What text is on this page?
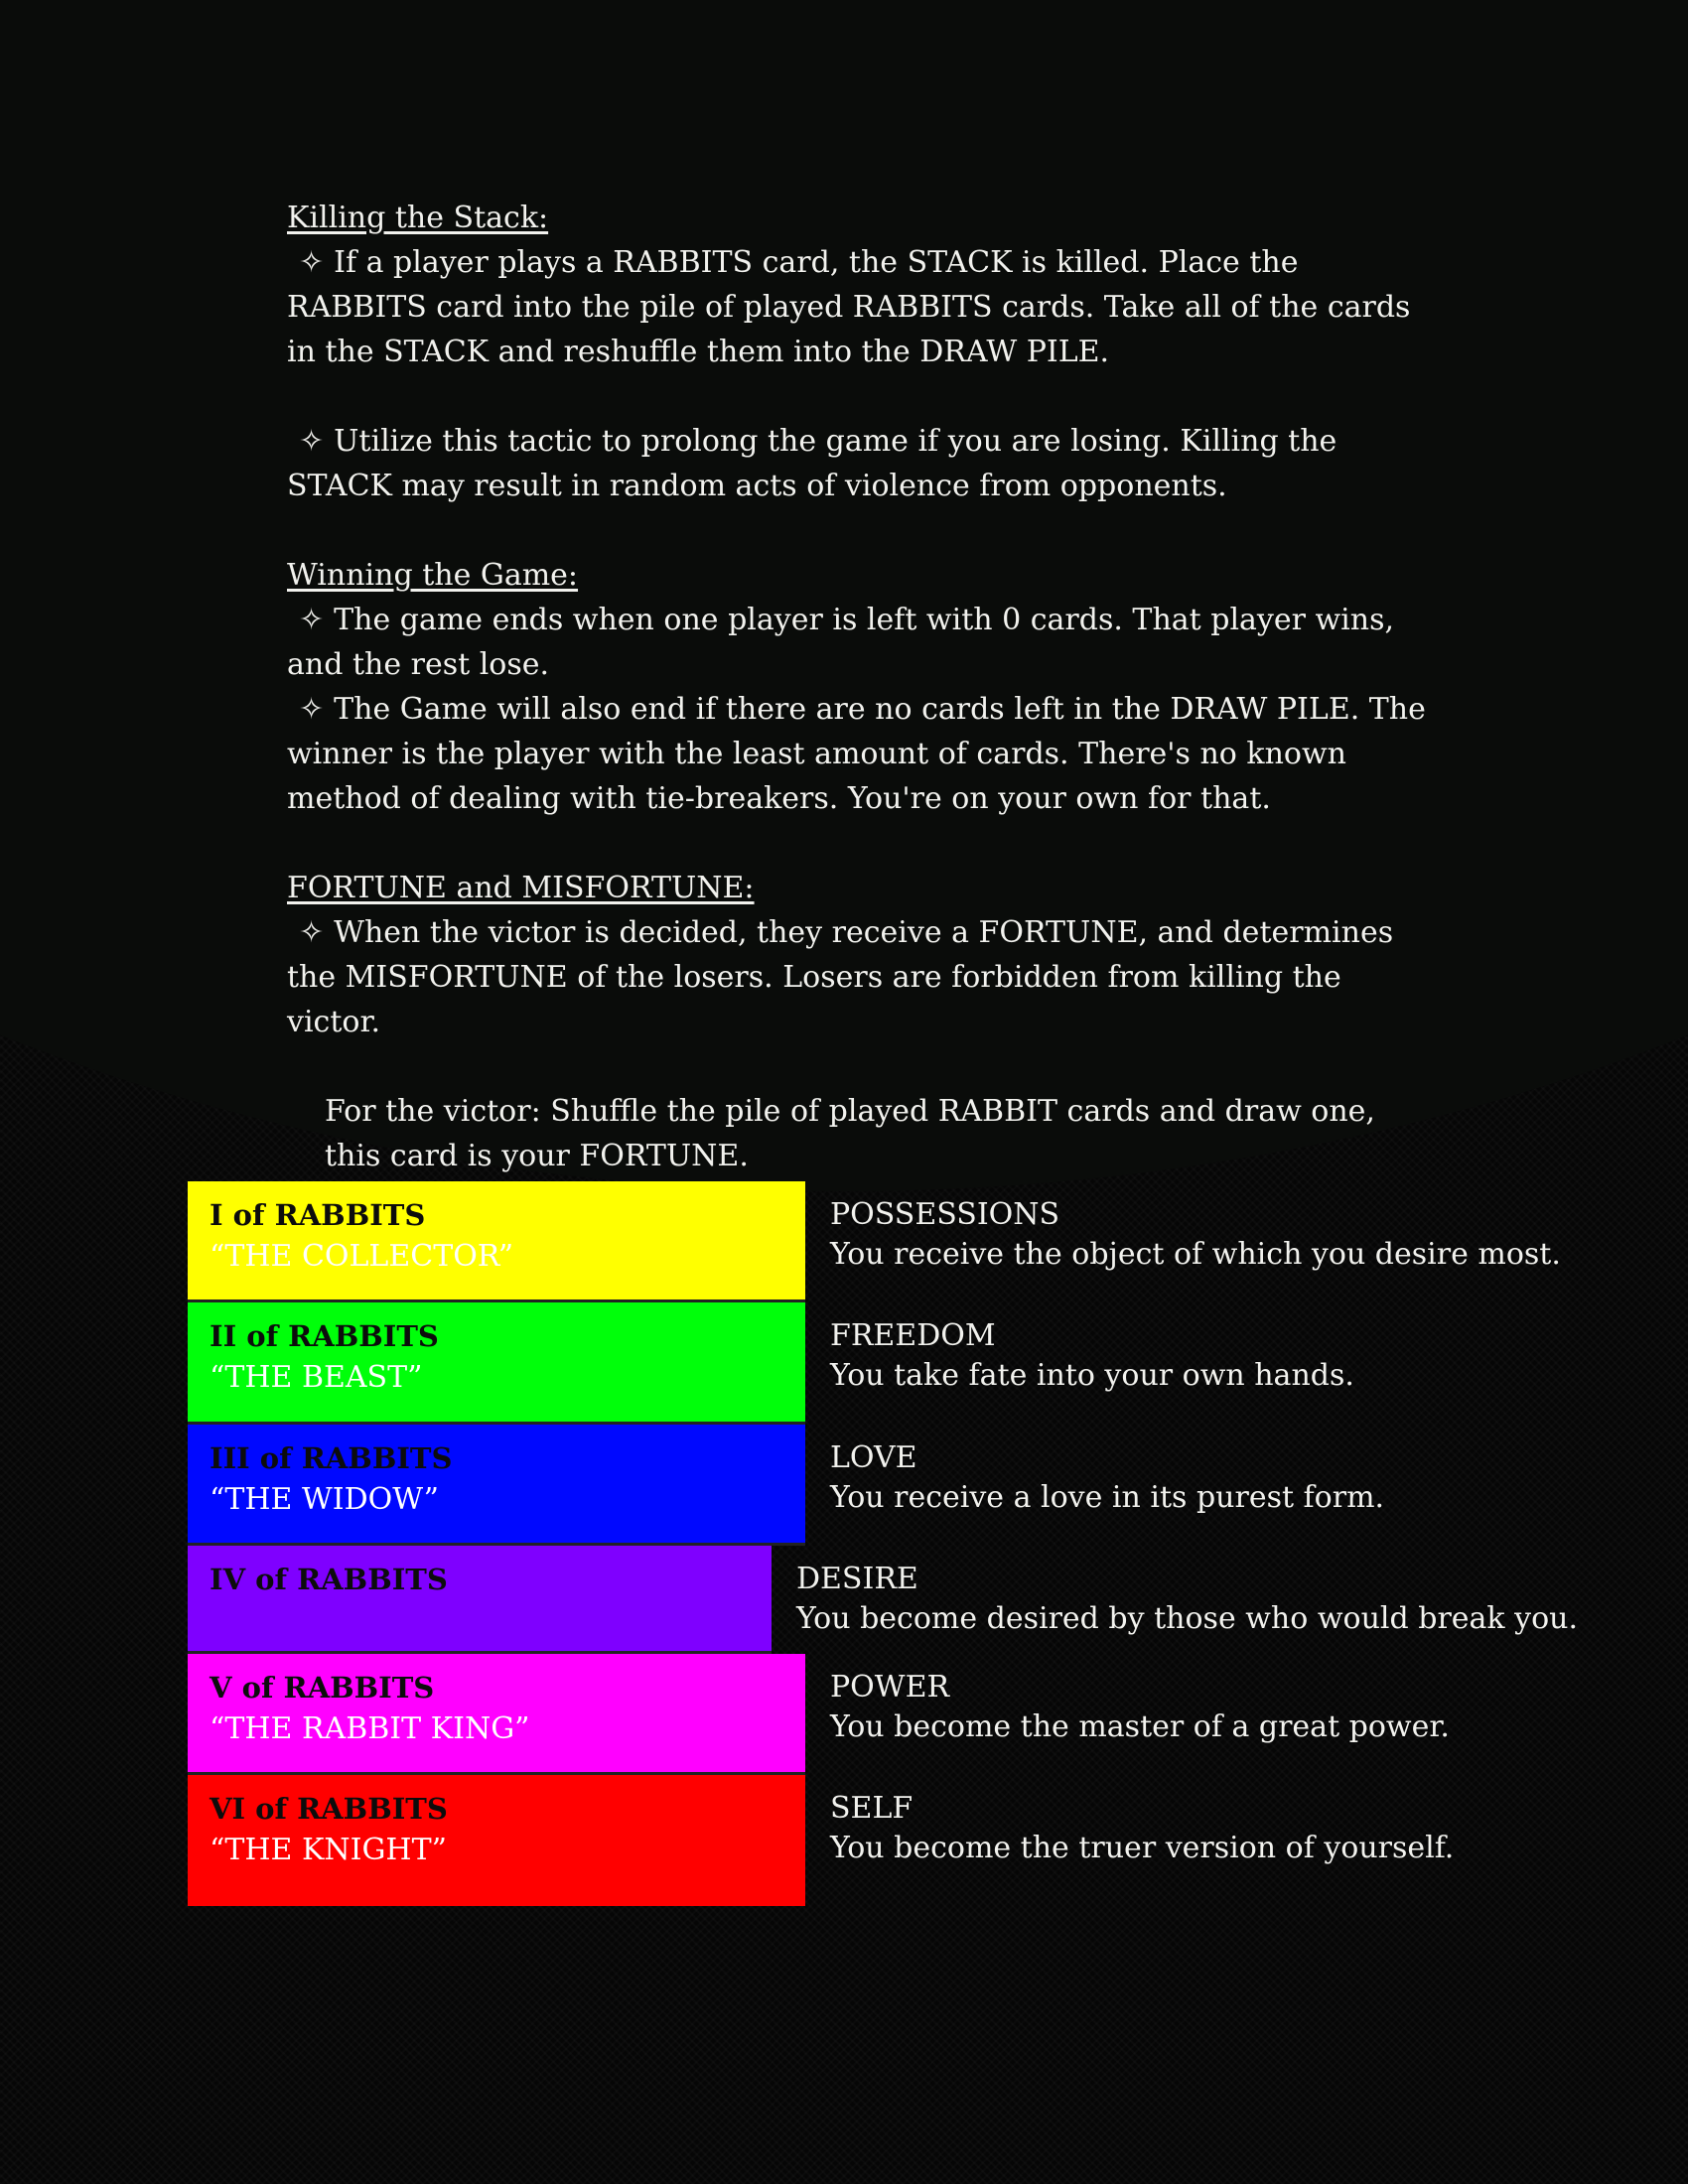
Killing the Stack:

✧ If a player plays a RABBITS card, the STACK is killed. Place the RABBITS card into the pile of played RABBITS cards. Take all of the cards in the STACK and reshuffle them into the DRAW PILE.

✧ Utilize this tactic to prolong the game if you are losing. Killing the STACK may result in random acts of violence from opponents.

Winning the Game:

✧ The game ends when one player is left with 0 cards. That player wins, and the rest lose.

✧ The Game will also end if there are no cards left in the DRAW PILE. The winner is the player with the least amount of cards. There's no known method of dealing with tie-breakers. You're on your own for that.

FORTUNE and MISFORTUNE:

✧ When the victor is decided, they receive a FORTUNE, and determines the MISFORTUNE of the losers. Losers are forbidden from killing the victor.

For the victor: Shuffle the pile of played RABBIT cards and draw one, this card is your FORTUNE.

I of RABBITS
“THE COLLECTOR”
POSSESSIONS
You receive the object of which you desire most.
II of RABBITS
“THE BEAST”
FREEDOM
You take fate into your own hands.
III of RABBITS
“THE WIDOW”
LOVE
You receive a love in its purest form.
IV of RABBITS	DESIRE
You become desired by those who would break you.
V of RABBITS
“THE RABBIT KING”
POWER
You become the master of a great power.
VI of RABBITS
“THE KNIGHT”
SELF
You become the truer version of yourself.
